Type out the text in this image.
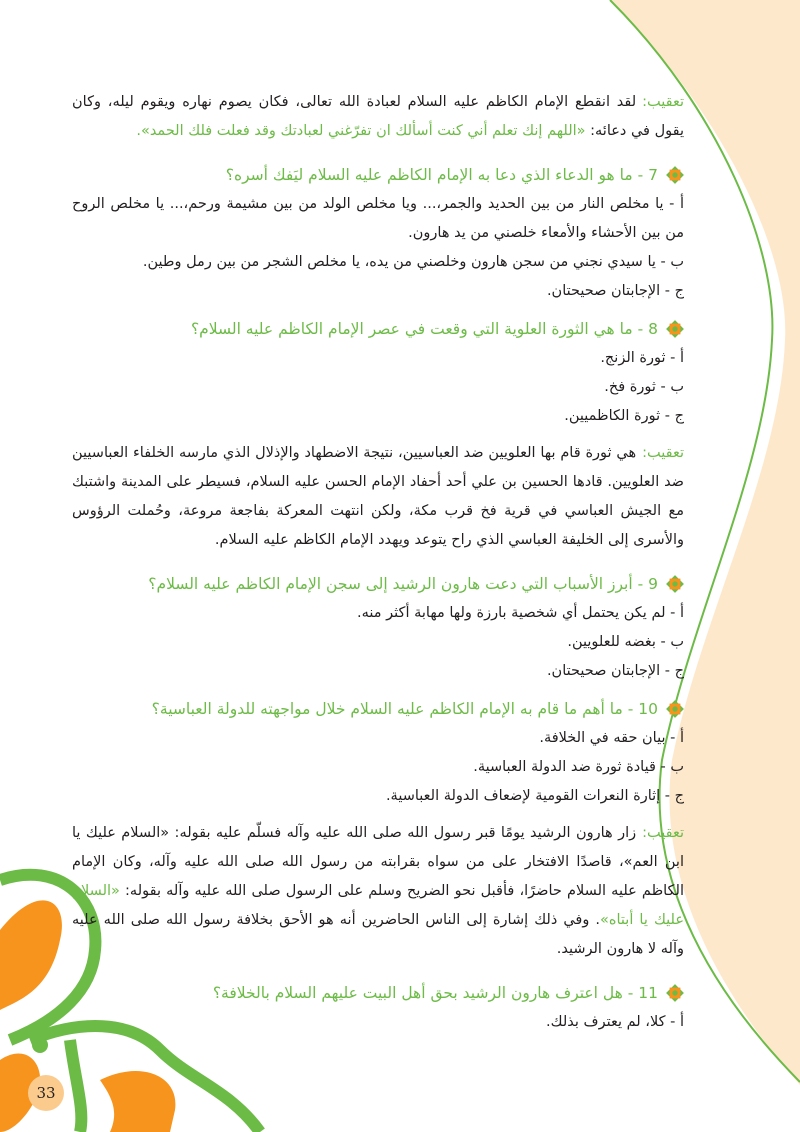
تعقيب:لقد انقطع الإمام الكاظم عليه السلام لعبادة الله تعالى، فكان يصوم نهاره ويقوم ليله، وكان يقول في دعائه: «اللهم إنك تعلم أني كنت أسألك ان تفرّغني لعبادتك وقد فعلت فلك الحمد».

7 - ما هو الدعاء الذي دعا به الإمام الكاظم عليه السلام ليَفك أسره؟

أ - يا مخلص النار من بين الحديد والجمر،... ويا مخلص الولد من بين مشيمة ورحم،... يا مخلص الروح من بين الأحشاء والأمعاء خلصني من يد هارون.
ب - يا سيدي نجني من سجن هارون وخلصني من يده، يا مخلص الشجر من بين رمل وطين.
ج - الإجابتان صحيحتان.

8 - ما هي الثورة العلوية التي وقعت في عصر الإمام الكاظم عليه السلام؟

أ - ثورة الزنج.
ب - ثورة فخ.
ج - ثورة الكاظميين.

تعقيب:هي ثورة قام بها العلويين ضد العباسيين، نتيجة الاضطهاد والإذلال الذي مارسه الخلفاء العباسيين ضد العلويين. قادها الحسين بن علي أحد أحفاد الإمام الحسن عليه السلام، فسيطر على المدينة واشتبك مع الجيش العباسي في قرية فخ قرب مكة، ولكن انتهت المعركة بفاجعة مروعة، وحُملت الرؤوس والأسرى إلى الخليفة العباسي الذي راح يتوعد ويهدد الإمام الكاظم عليه السلام.

9 - أبرز الأسباب التي دعت هارون الرشيد إلى سجن الإمام الكاظم عليه السلام؟

أ - لم يكن يحتمل أي شخصية بارزة ولها مهابة أكثر منه.
ب - بغضه للعلويين.
ج - الإجابتان صحيحتان.

10 - ما أهم ما قام به الإمام الكاظم عليه السلام خلال مواجهته للدولة العباسية؟

أ - بيان حقه في الخلافة.
ب - قيادة ثورة ضد الدولة العباسية.
ج - إثارة النعرات القومية لإضعاف الدولة العباسية.

تعقيب:زار هارون الرشيد يومًا قبر رسول الله صلى الله عليه وآله فسلّم عليه بقوله: «السلام عليك يا ابن العم»، قاصدًا الافتخار على من سواه بقرابته من رسول الله صلى الله عليه وآله، وكان الإمام الكاظم عليه السلام حاضرًا، فأقبل نحو الضريح وسلم على الرسول صلى الله عليه وآله بقوله: «السلام عليك يا أبتاه». وفي ذلك إشارة إلى الناس الحاضرين أنه هو الأحق بخلافة رسول الله صلى الله عليه وآله لا هارون الرشيد.

11 - هل اعترف هارون الرشيد بحق أهل البيت عليهم السلام بالخلافة؟

أ - كلا، لم يعترف بذلك.
33
